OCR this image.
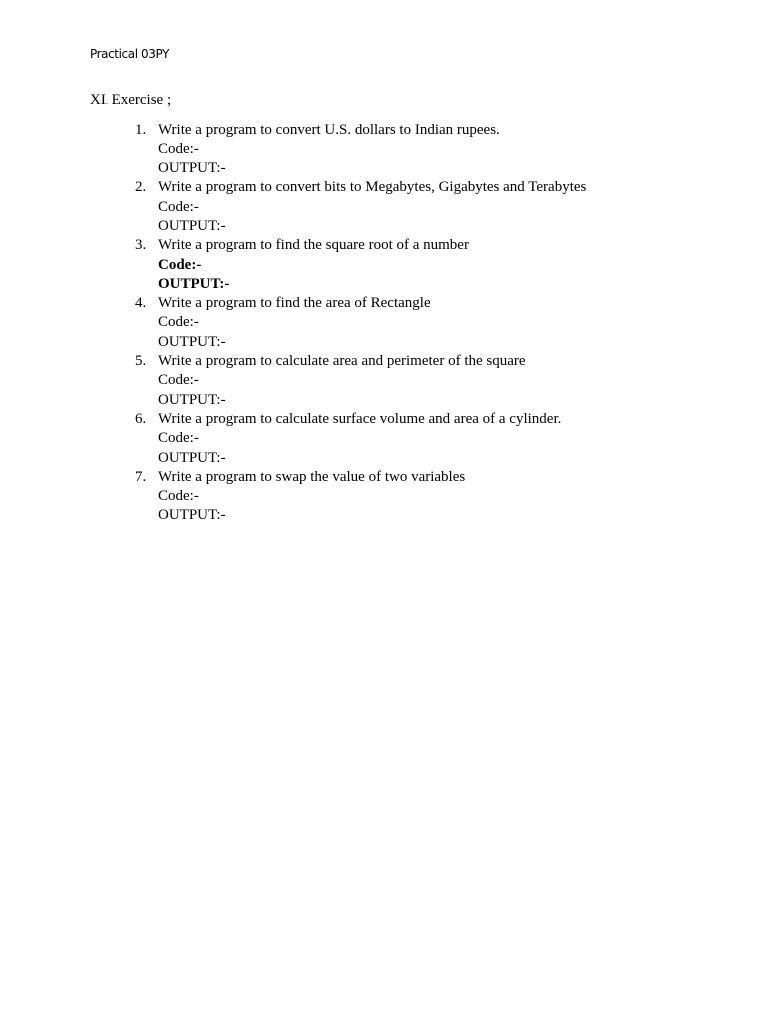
Practical 03PY
XI. Exercise ;
1. Write a program to convert U.S. dollars to Indian rupees.
Code:-
OUTPUT:-
2. Write a program to convert bits to Megabytes, Gigabytes and Terabytes
Code:-
OUTPUT:-
3. Write a program to find the square root of a number
Code:-
OUTPUT:-
4. Write a program to find the area of Rectangle
Code:-
OUTPUT:-
5. Write a program to calculate area and perimeter of the square
Code:-
OUTPUT:-
6. Write a program to calculate surface volume and area of a cylinder.
Code:-
OUTPUT:-
7. Write a program to swap the value of two variables
Code:-
OUTPUT:-
